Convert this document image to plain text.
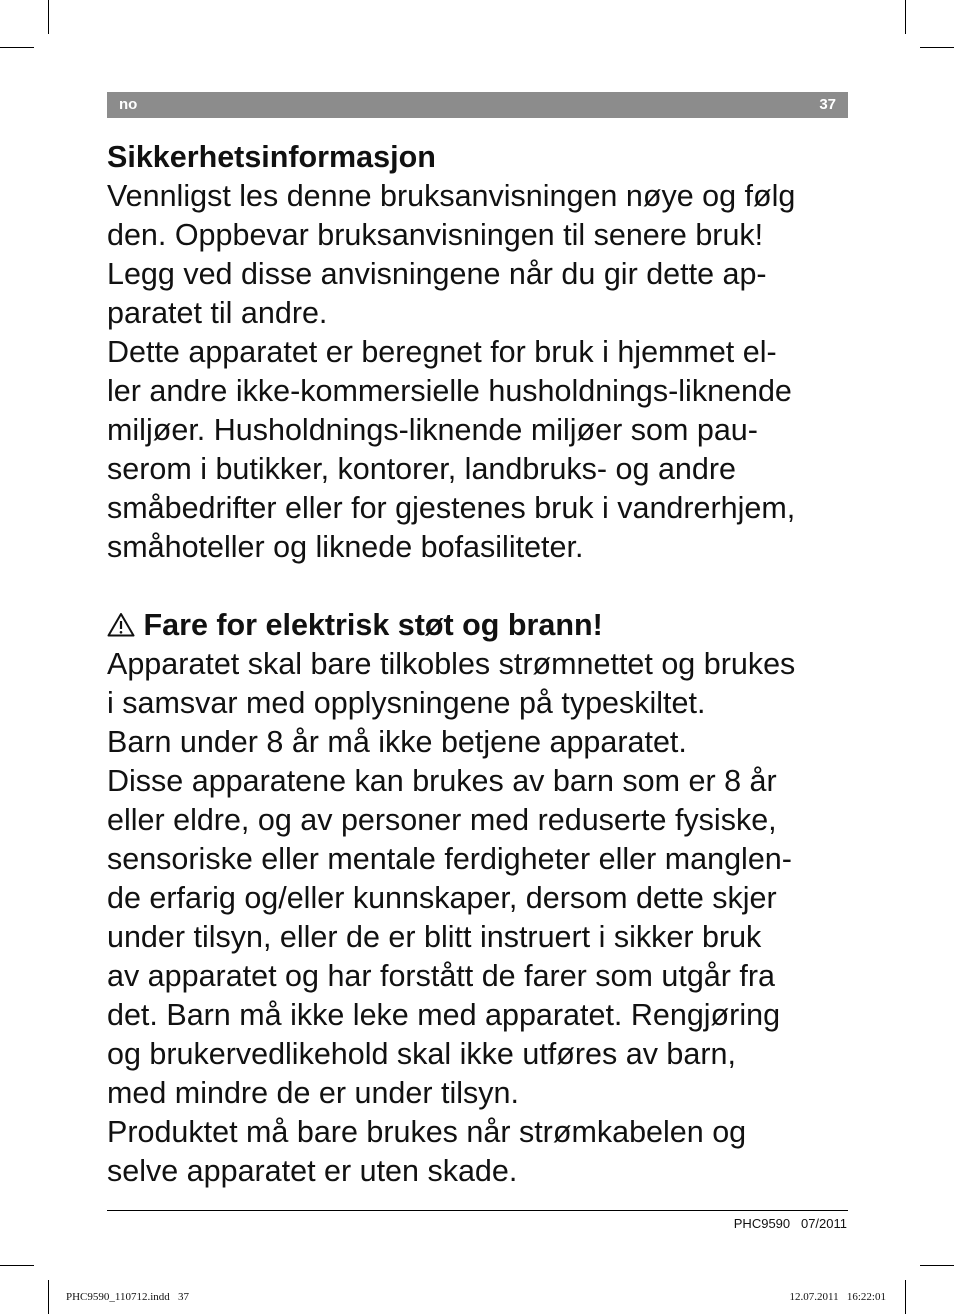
no	37

Sikkerhetsinformasjon

Vennligst les denne bruksanvisningen nøye og følg

den. Oppbevar bruksanvisningen til senere bruk!

Legg ved disse anvisningene når du gir dette ap-

paratet til andre.

Dette apparatet er beregnet for bruk i hjemmet el-

ler andre ikke-kommersielle husholdnings-liknende

miljøer. Husholdnings-liknende miljøer som pau-

serom i butikker, kontorer, landbruks- og andre

småbedrifter eller for gjestenes bruk i vandrerhjem,

småhoteller og liknede bofasiliteter.

Fare for elektrisk støt og brann!

Apparatet skal bare tilkobles strømnettet og brukes

i samsvar med opplysningene på typeskiltet.

Barn under 8 år må ikke betjene apparatet.

Disse apparatene kan brukes av barn som er 8 år

eller eldre, og av personer med reduserte fysiske,

sensoriske eller mentale ferdigheter eller manglen-

de erfarig og/eller kunnskaper, dersom dette skjer

under tilsyn, eller de er blitt instruert i sikker bruk

av apparatet og har forstått de farer som utgår fra

det. Barn må ikke leke med apparatet. Rengjøring

og brukervedlikehold skal ikke utføres av barn,

med mindre de er under tilsyn.

Produktet må bare brukes når strømkabelen og

selve apparatet er uten skade.

PHC9590   07/2011
PHC9590_110712.indd   37	12.07.2011   16:22:01
